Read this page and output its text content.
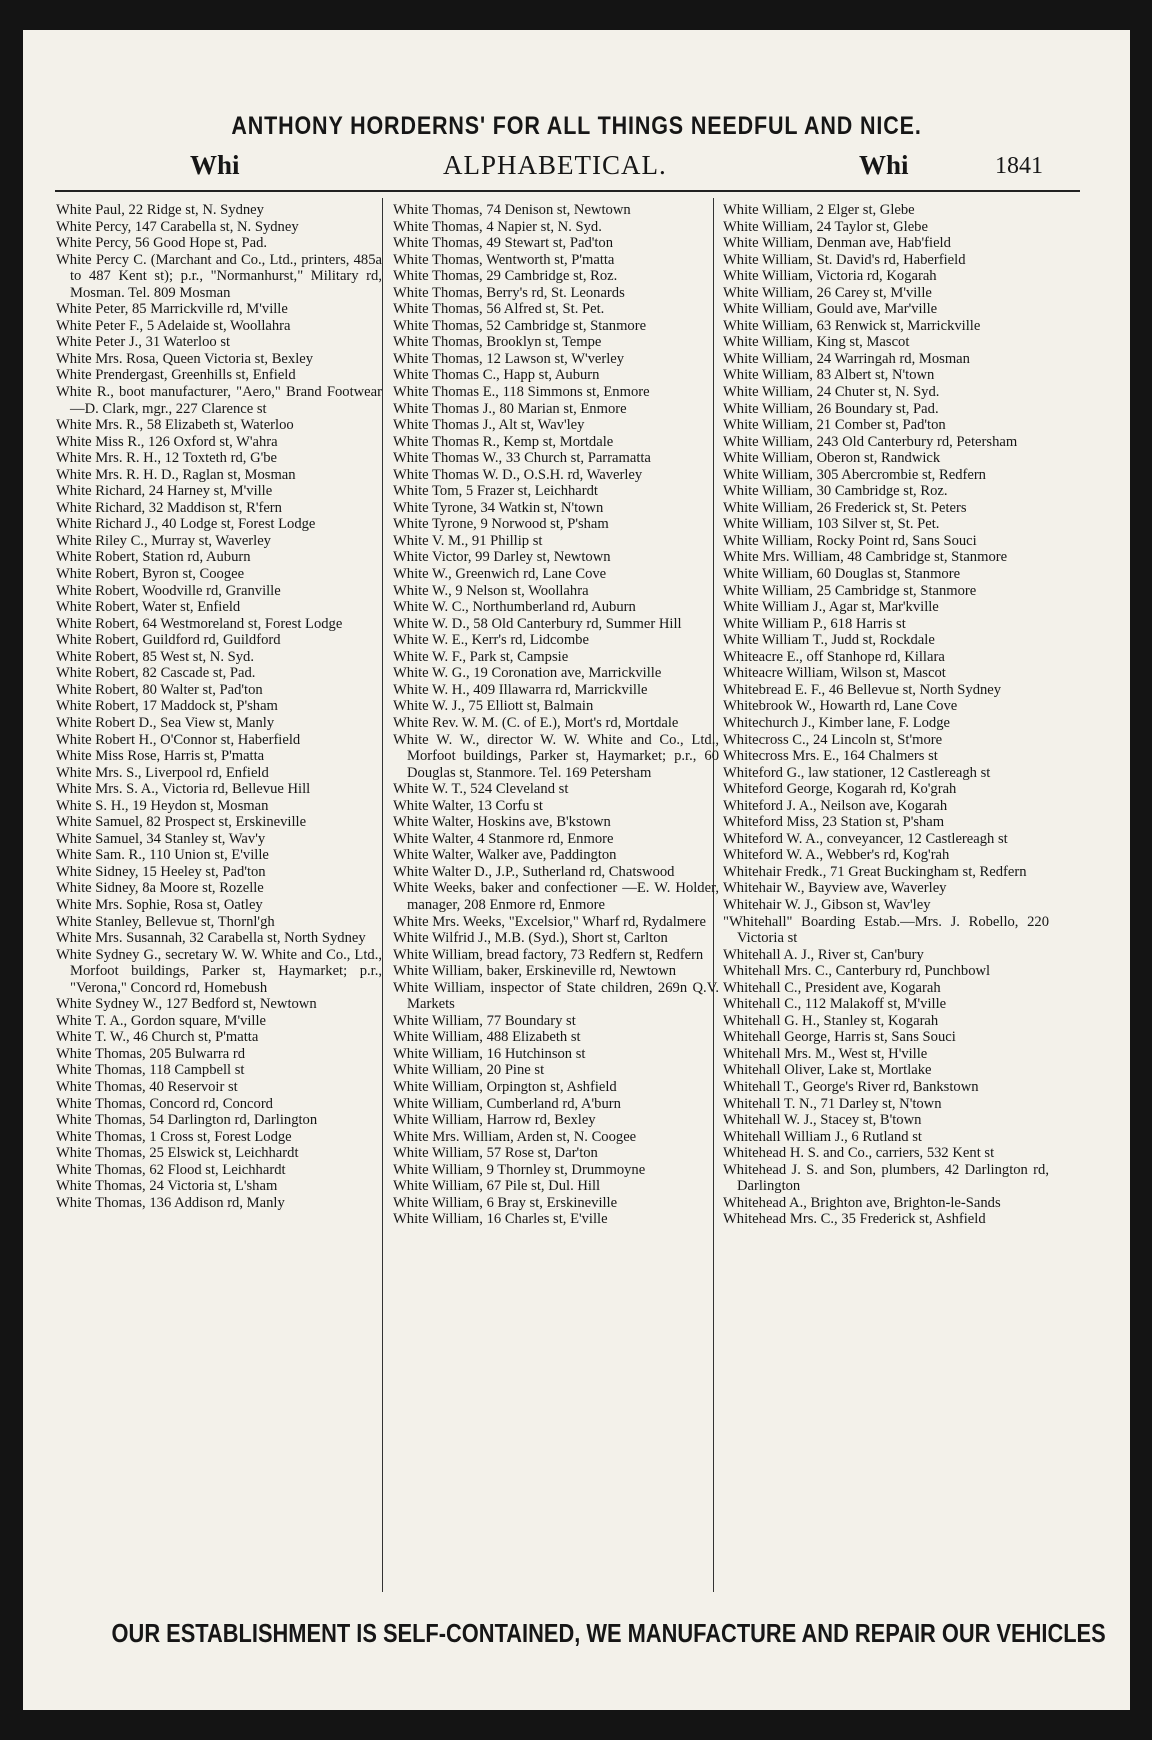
ANTHONY HORDERNS' FOR ALL THINGS NEEDFUL AND NICE.
Whi	ALPHABETICAL.	Whi	1841
White Paul, 22 Ridge st, N. Sydney
White Percy, 147 Carabella st, N. Sydney
White Percy, 56 Good Hope st, Pad.
White Percy C. (Marchant and Co., Ltd., printers, 485a to 487 Kent st); p.r., "Normanhurst," Military rd, Mosman. Tel. 809 Mosman
White Peter, 85 Marrickville rd, M'ville
White Peter F., 5 Adelaide st, Woollahra
White Peter J., 31 Waterloo st
White Mrs. Rosa, Queen Victoria st, Bexley
White Prendergast, Greenhills st, Enfield
White R., boot manufacturer, "Aero," Brand Footwear—D. Clark, mgr., 227 Clarence st
White Mrs. R., 58 Elizabeth st, Waterloo
White Miss R., 126 Oxford st, W'ahra
White Mrs. R. H., 12 Toxteth rd, G'be
White Mrs. R. H. D., Raglan st, Mosman
White Richard, 24 Harney st, M'ville
White Richard, 32 Maddison st, R'fern
White Richard J., 40 Lodge st, Forest Lodge
White Riley C., Murray st, Waverley
White Robert, Station rd, Auburn
White Robert, Byron st, Coogee
White Robert, Woodville rd, Granville
White Robert, Water st, Enfield
White Robert, 64 Westmoreland st, Forest Lodge
White Robert, Guildford rd, Guildford
White Robert, 85 West st, N. Syd.
White Robert, 82 Cascade st, Pad.
White Robert, 80 Walter st, Pad'ton
White Robert, 17 Maddock st, P'sham
White Robert D., Sea View st, Manly
White Robert H., O'Connor st, Haberfield
White Miss Rose, Harris st, P'matta
White Mrs. S., Liverpool rd, Enfield
White Mrs. S. A., Victoria rd, Bellevue Hill
White S. H., 19 Heydon st, Mosman
White Samuel, 82 Prospect st, Erskineville
White Samuel, 34 Stanley st, Wav'y
White Sam. R., 110 Union st, E'ville
White Sidney, 15 Heeley st, Pad'ton
White Sidney, 8a Moore st, Rozelle
White Mrs. Sophie, Rosa st, Oatley
White Stanley, Bellevue st, Thornl'gh
White Mrs. Susannah, 32 Carabella st, North Sydney
White Sydney G., secretary W. W. White and Co., Ltd., Morfoot buildings, Parker st, Haymarket; p.r., "Verona," Concord rd, Homebush
White Sydney W., 127 Bedford st, Newtown
White T. A., Gordon square, M'ville
White T. W., 46 Church st, P'matta
White Thomas, 205 Bulwarra rd
White Thomas, 118 Campbell st
White Thomas, 40 Reservoir st
White Thomas, Concord rd, Concord
White Thomas, 54 Darlington rd, Darlington
White Thomas, 1 Cross st, Forest Lodge
White Thomas, 25 Elswick st, Leichhardt
White Thomas, 62 Flood st, Leichhardt
White Thomas, 24 Victoria st, L'sham
White Thomas, 136 Addison rd, Manly
White Thomas, 74 Denison st, Newtown
White Thomas, 4 Napier st, N. Syd.
White Thomas, 49 Stewart st, Pad'ton
White Thomas, Wentworth st, P'matta
White Thomas, 29 Cambridge st, Roz.
White Thomas, Berry's rd, St. Leonards
White Thomas, 56 Alfred st, St. Pet.
White Thomas, 52 Cambridge st, Stanmore
White Thomas, Brooklyn st, Tempe
White Thomas, 12 Lawson st, W'verley
White Thomas C., Happ st, Auburn
White Thomas E., 118 Simmons st, Enmore
White Thomas J., 80 Marian st, Enmore
White Thomas J., Alt st, Wav'ley
White Thomas R., Kemp st, Mortdale
White Thomas W., 33 Church st, Parramatta
White Thomas W. D., O.S.H. rd, Waverley
White Tom, 5 Frazer st, Leichhardt
White Tyrone, 34 Watkin st, N'town
White Tyrone, 9 Norwood st, P'sham
White V. M., 91 Phillip st
White Victor, 99 Darley st, Newtown
White W., Greenwich rd, Lane Cove
White W., 9 Nelson st, Woollahra
White W. C., Northumberland rd, Auburn
White W. D., 58 Old Canterbury rd, Summer Hill
White W. E., Kerr's rd, Lidcombe
White W. F., Park st, Campsie
White W. G., 19 Coronation ave, Marrickville
White W. H., 409 Illawarra rd, Marrickville
White W. J., 75 Elliott st, Balmain
White Rev. W. M. (C. of E.), Mort's rd, Mortdale
White W. W., director W. W. White and Co., Ltd., Morfoot buildings, Parker st, Haymarket; p.r., 60 Douglas st, Stanmore. Tel. 169 Petersham
White W. T., 524 Cleveland st
White Walter, 13 Corfu st
White Walter, Hoskins ave, B'kstown
White Walter, 4 Stanmore rd, Enmore
White Walter, Walker ave, Paddington
White Walter D., J.P., Sutherland rd, Chatswood
White Weeks, baker and confectioner —E. W. Holder, manager, 208 Enmore rd, Enmore
White Mrs. Weeks, "Excelsior," Wharf rd, Rydalmere
White Wilfrid J., M.B. (Syd.), Short st, Carlton
White William, bread factory, 73 Redfern st, Redfern
White William, baker, Erskineville rd, Newtown
White William, inspector of State children, 269n Q.V. Markets
White William, 77 Boundary st
White William, 488 Elizabeth st
White William, 16 Hutchinson st
White William, 20 Pine st
White William, Orpington st, Ashfield
White William, Cumberland rd, A'burn
White William, Harrow rd, Bexley
White Mrs. William, Arden st, N. Coogee
White William, 57 Rose st, Dar'ton
White William, 9 Thornley st, Drummoyne
White William, 67 Pile st, Dul. Hill
White William, 6 Bray st, Erskineville
White William, 16 Charles st, E'ville
White William, 2 Elger st, Glebe
White William, 24 Taylor st, Glebe
White William, Denman ave, Hab'field
White William, St. David's rd, Haberfield
White William, Victoria rd, Kogarah
White William, 26 Carey st, M'ville
White William, Gould ave, Mar'ville
White William, 63 Renwick st, Marrickville
White William, King st, Mascot
White William, 24 Warringah rd, Mosman
White William, 83 Albert st, N'town
White William, 24 Chuter st, N. Syd.
White William, 26 Boundary st, Pad.
White William, 21 Comber st, Pad'ton
White William, 243 Old Canterbury rd, Petersham
White William, Oberon st, Randwick
White William, 305 Abercrombie st, Redfern
White William, 30 Cambridge st, Roz.
White William, 26 Frederick st, St. Peters
White William, 103 Silver st, St. Pet.
White William, Rocky Point rd, Sans Souci
White Mrs. William, 48 Cambridge st, Stanmore
White William, 60 Douglas st, Stanmore
White William, 25 Cambridge st, Stanmore
White William J., Agar st, Mar'kville
White William P., 618 Harris st
White William T., Judd st, Rockdale
Whiteacre E., off Stanhope rd, Killara
Whiteacre William, Wilson st, Mascot
Whitebread E. F., 46 Bellevue st, North Sydney
Whitebrook W., Howarth rd, Lane Cove
Whitechurch J., Kimber lane, F. Lodge
Whitecross C., 24 Lincoln st, St'more
Whitecross Mrs. E., 164 Chalmers st
Whiteford G., law stationer, 12 Castlereagh st
Whiteford George, Kogarah rd, Ko'grah
Whiteford J. A., Neilson ave, Kogarah
Whiteford Miss, 23 Station st, P'sham
Whiteford W. A., conveyancer, 12 Castlereagh st
Whiteford W. A., Webber's rd, Kog'rah
Whitehair Fredk., 71 Great Buckingham st, Redfern
Whitehair W., Bayview ave, Waverley
Whitehair W. J., Gibson st, Wav'ley
"Whitehall" Boarding Estab.—Mrs. J. Robello, 220 Victoria st
Whitehall A. J., River st, Can'bury
Whitehall Mrs. C., Canterbury rd, Punchbowl
Whitehall C., President ave, Kogarah
Whitehall C., 112 Malakoff st, M'ville
Whitehall G. H., Stanley st, Kogarah
Whitehall George, Harris st, Sans Souci
Whitehall Mrs. M., West st, H'ville
Whitehall Oliver, Lake st, Mortlake
Whitehall T., George's River rd, Bankstown
Whitehall T. N., 71 Darley st, N'town
Whitehall W. J., Stacey st, B'town
Whitehall William J., 6 Rutland st
Whitehead H. S. and Co., carriers, 532 Kent st
Whitehead J. S. and Son, plumbers, 42 Darlington rd, Darlington
Whitehead A., Brighton ave, Brighton-le-Sands
Whitehead Mrs. C., 35 Frederick st, Ashfield
OUR ESTABLISHMENT IS SELF-CONTAINED, WE MANUFACTURE AND REPAIR OUR VEHICLES
